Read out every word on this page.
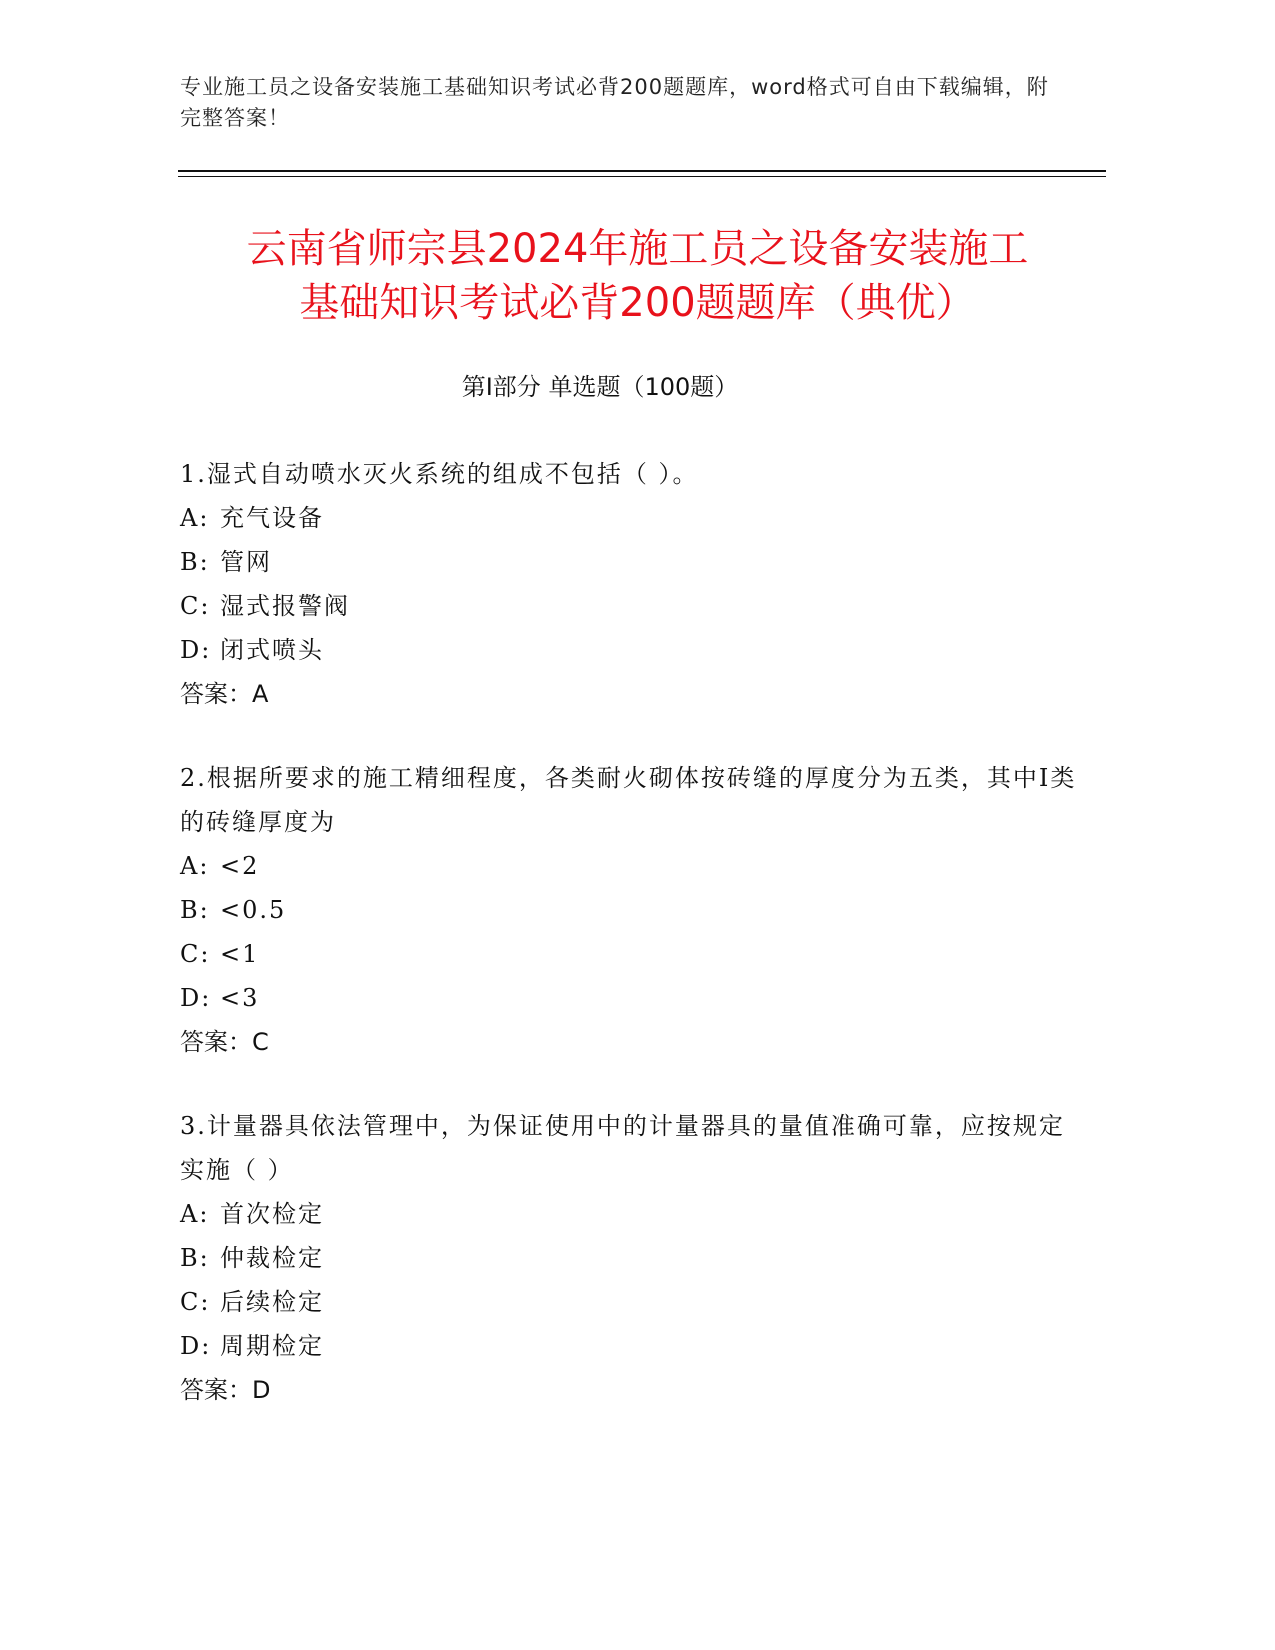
专业施工员之设备安装施工基础知识考试必背200题题库，word格式可自由下载编辑，附完整答案！
云南省师宗县2024年施工员之设备安装施工
基础知识考试必背200题题库（典优）
第Ⅰ部分 单选题（100题）
1.湿式自动喷水灭火系统的组成不包括（ ）。
A: 充气设备
B: 管网
C: 湿式报警阀
D: 闭式喷头
答案：A
2.根据所要求的施工精细程度，各类耐火砌体按砖缝的厚度分为五类，其中Ⅰ类的砖缝厚度为
A: <2
B: <0.5
C: <1
D: <3
答案：C
3.计量器具依法管理中，为保证使用中的计量器具的量值准确可靠，应按规定实施（ ）
A: 首次检定
B: 仲裁检定
C: 后续检定
D: 周期检定
答案：D
